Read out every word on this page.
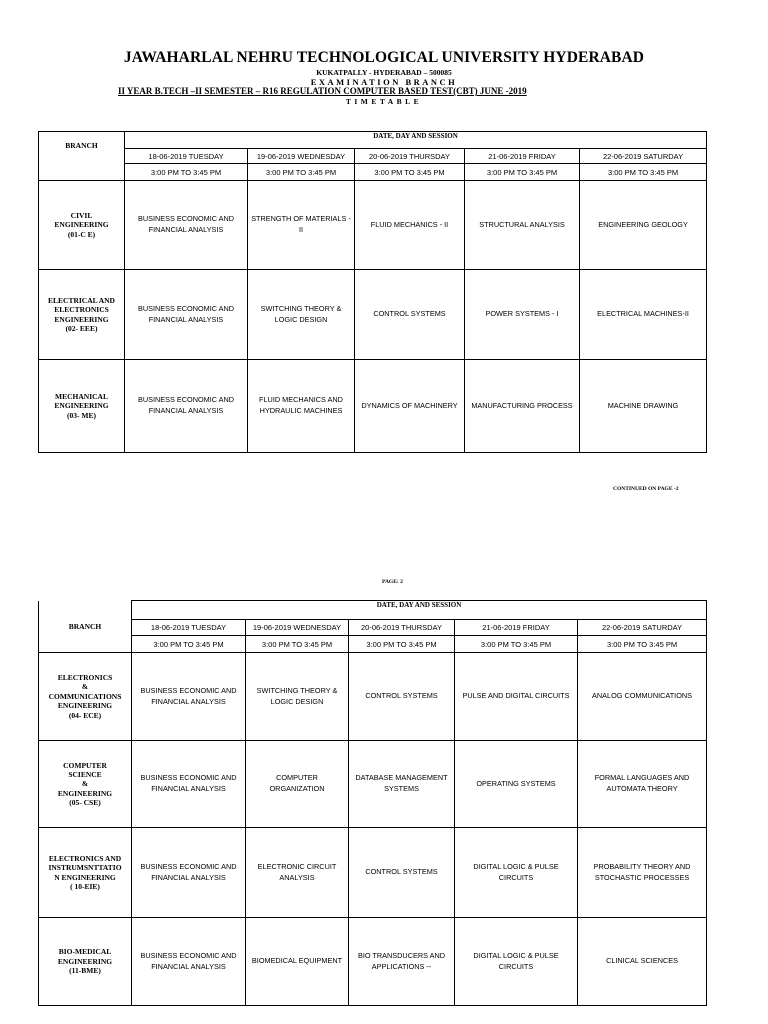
JAWAHARLAL NEHRU TECHNOLOGICAL UNIVERSITY HYDERABAD
KUKATPALLY - HYDERABAD – 500085
EXAMINATION BRANCH
II YEAR B.TECH –II SEMESTER – R16 REGULATION COMPUTER BASED TEST(CBT) JUNE -2019
TIMETABLE
BRANCH	DATE, DAY AND SESSION				
	18-06-2019 TUESDAY	19-06-2019 WEDNESDAY	20-06-2019 THURSDAY	21-06-2019 FRIDAY	22-06-2019 SATURDAY
	3:00 PM TO 3:45 PM	3:00 PM TO 3:45 PM	3:00 PM TO 3:45 PM	3:00 PM TO 3:45 PM	3:00 PM TO 3:45 PM

CIVIL
ENGINEERING
(01-C E)	BUSINESS ECONOMIC AND FINANCIAL ANALYSIS	STRENGTH OF MATERIALS - II	FLUID MECHANICS - II	STRUCTURAL ANALYSIS	ENGINEERING GEOLOGY

ELECTRICAL AND
ELECTRONICS
ENGINEERING
(02- EEE)	BUSINESS ECONOMIC AND FINANCIAL ANALYSIS	SWITCHING THEORY & LOGIC DESIGN	CONTROL SYSTEMS	POWER SYSTEMS - I	ELECTRICAL MACHINES-II

MECHANICAL
ENGINEERING
(03- ME)	BUSINESS ECONOMIC AND FINANCIAL ANALYSIS	FLUID MECHANICS AND HYDRAULIC MACHINES	DYNAMICS OF MACHINERY	MANUFACTURING PROCESS	MACHINE DRAWING
CONTINUED ON PAGE -2
PAGE: 2
BRANCH	DATE, DAY AND SESSION				
	18-06-2019 TUESDAY	19-06-2019 WEDNESDAY	20-06-2019 THURSDAY	21-06-2019 FRIDAY	22-06-2019 SATURDAY
	3:00 PM TO 3:45 PM	3:00 PM TO 3:45 PM	3:00 PM TO 3:45 PM	3:00 PM TO 3:45 PM	3:00 PM TO 3:45 PM

ELECTRONICS
&
COMMUNICATIONS
ENGINEERING
(04- ECE)	BUSINESS ECONOMIC AND FINANCIAL ANALYSIS	SWITCHING THEORY & LOGIC DESIGN	CONTROL SYSTEMS	PULSE AND DIGITAL CIRCUITS	ANALOG COMMUNICATIONS

COMPUTER
SCIENCE
&
ENGINEERING
(05- CSE)	BUSINESS ECONOMIC AND FINANCIAL ANALYSIS	COMPUTER ORGANIZATION	DATABASE MANAGEMENT SYSTEMS	OPERATING SYSTEMS	FORMAL LANGUAGES AND AUTOMATA THEORY

ELECTRONICS AND
INSTRUMSNTTATIO
N ENGINEERING
( 10-EIE)	BUSINESS ECONOMIC AND FINANCIAL ANALYSIS	ELECTRONIC CIRCUIT ANALYSIS	CONTROL SYSTEMS	DIGITAL LOGIC & PULSE CIRCUITS	PROBABILITY THEORY AND STOCHASTIC PROCESSES

BIO-MEDICAL
ENGINEERING
(11-BME)	BUSINESS ECONOMIC AND FINANCIAL ANALYSIS	BIOMEDICAL EQUIPMENT	BIO TRANSDUCERS AND APPLICATIONS --	DIGITAL LOGIC & PULSE CIRCUITS	CLINICAL SCIENCES
